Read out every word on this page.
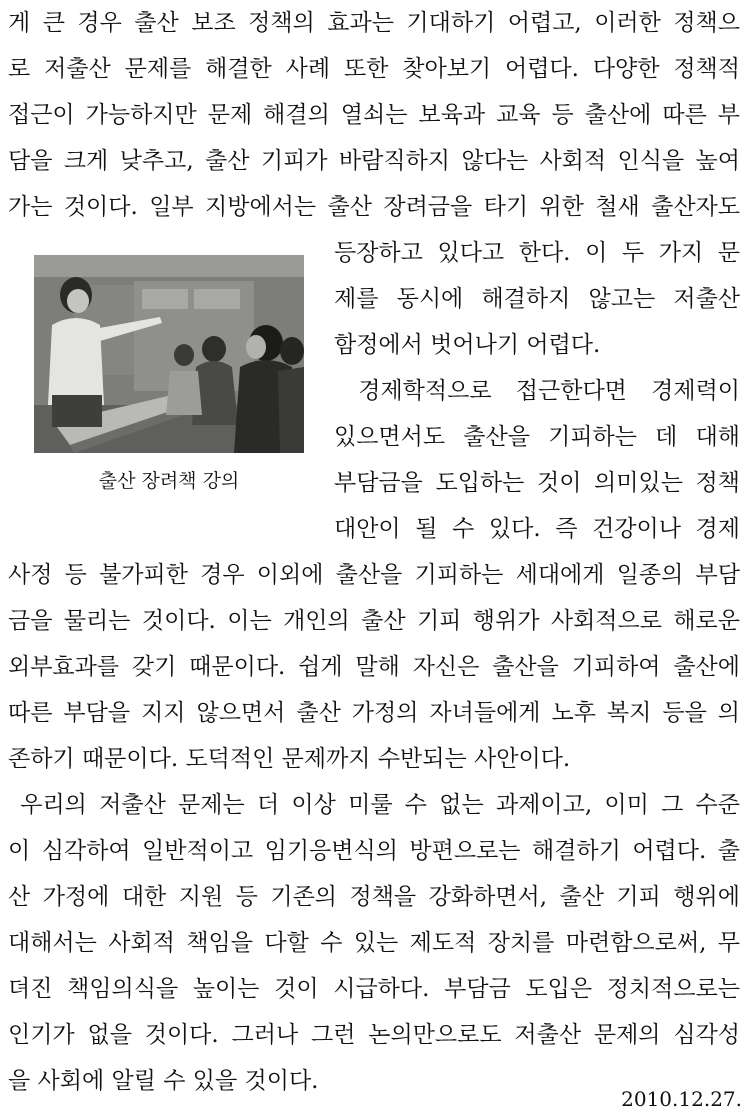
게 큰 경우 출산 보조 정책의 효과는 기대하기 어렵고, 이러한 정책으
로 저출산 문제를 해결한 사례 또한 찾아보기 어렵다. 다양한 정책적
접근이 가능하지만 문제 해결의 열쇠는 보육과 교육 등 출산에 따른 부
담을 크게 낮추고, 출산 기피가 바람직하지 않다는 사회적 인식을 높여
가는 것이다. 일부 지방에서는 출산 장려금을 타기 위한 철새 출산자도
등장하고 있다고 한다. 이 두 가지 문
제를 동시에 해결하지 않고는 저출산
함정에서 벗어나기 어렵다.
경제학적으로 접근한다면 경제력이
있으면서도 출산을 기피하는 데 대해
부담금을 도입하는 것이 의미있는 정책
대안이 될 수 있다. 즉 건강이나 경제
사정 등 불가피한 경우 이외에 출산을 기피하는 세대에게 일종의 부담
금을 물리는 것이다. 이는 개인의 출산 기피 행위가 사회적으로 해로운
외부효과를 갖기 때문이다. 쉽게 말해 자신은 출산을 기피하여 출산에
따른 부담을 지지 않으면서 출산 가정의 자녀들에게 노후 복지 등을 의
존하기 때문이다. 도덕적인 문제까지 수반되는 사안이다.
우리의 저출산 문제는 더 이상 미룰 수 없는 과제이고, 이미 그 수준
이 심각하여 일반적이고 임기응변식의 방편으로는 해결하기 어렵다. 출
산 가정에 대한 지원 등 기존의 정책을 강화하면서, 출산 기피 행위에
대해서는 사회적 책임을 다할 수 있는 제도적 장치를 마련함으로써, 무
뎌진 책임의식을 높이는 것이 시급하다. 부담금 도입은 정치적으로는
인기가 없을 것이다. 그러나 그런 논의만으로도 저출산 문제의 심각성
을 사회에 알릴 수 있을 것이다.
출산 장려책 강의
2010.12.27.
